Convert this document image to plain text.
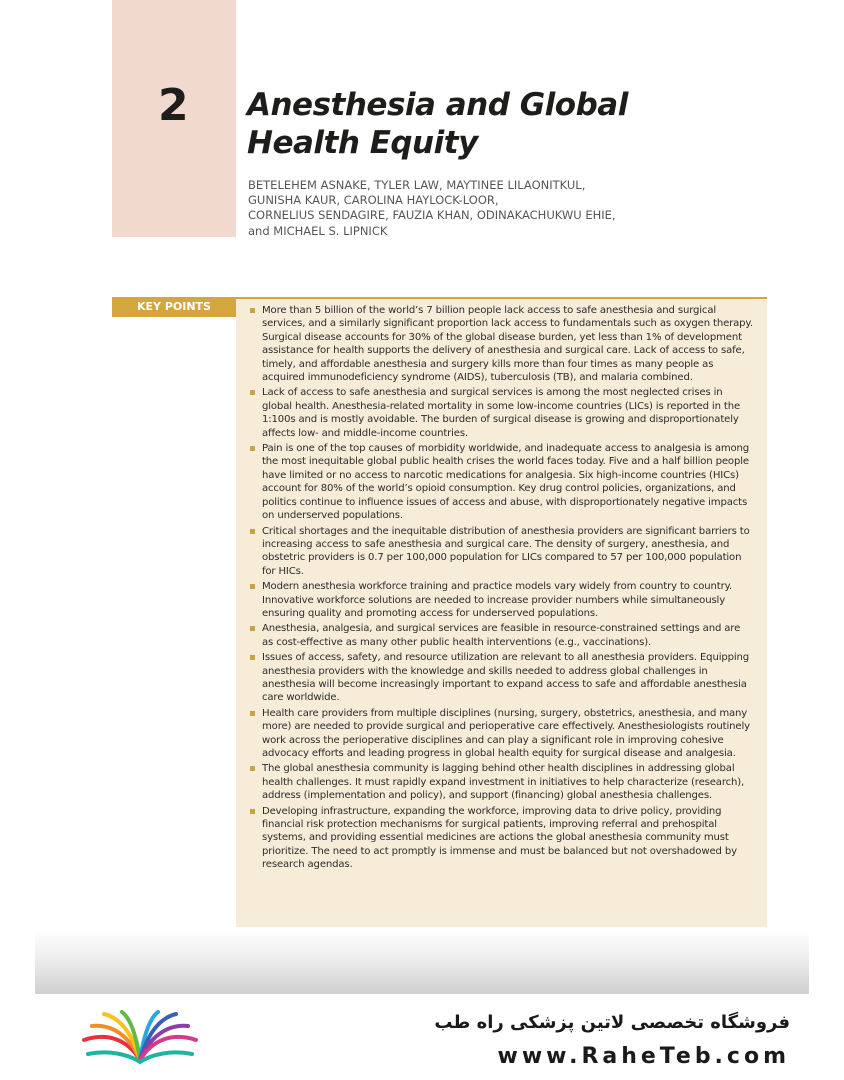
2 Anesthesia and Global
Health Equity
BETELEHEM ASNAKE, TYLER LAW, MAYTINEE LILAONITKUL,
GUNISHA KAUR, CAROLINA HAYLOCK-LOOR,
CORNELIUS SENDAGIRE, FAUZIA KHAN, ODINAKACHUKWU EHIE,
and MICHAEL S. LIPNICK
KEY POINTS	More than 5 billion of the world’s 7 billion people lack access to safe anesthesia and surgical services, and a similarly significant proportion lack access to fundamentals such as oxygen therapy. Surgical disease accounts for 30% of the global disease burden, yet less than 1% of development assistance for health supports the delivery of anesthesia and surgical care. Lack of access to safe, timely, and affordable anesthesia and surgery kills more than four times as many people as acquired immunodeficiency syndrome (AIDS), tuberculosis (TB), and malaria combined.
Lack of access to safe anesthesia and surgical services is among the most neglected crises in global health. Anesthesia-related mortality in some low-income countries (LICs) is reported in the 1:100s and is mostly avoidable. The burden of surgical disease is growing and disproportionately affects low- and middle-income countries.
Pain is one of the top causes of morbidity worldwide, and inadequate access to analgesia is among the most inequitable global public health crises the world faces today. Five and a half billion people have limited or no access to narcotic medications for analgesia. Six high-income countries (HICs) account for 80% of the world’s opioid consumption. Key drug control policies, organizations, and politics continue to influence issues of access and abuse, with disproportionately negative impacts on underserved populations.
Critical shortages and the inequitable distribution of anesthesia providers are significant barriers to increasing access to safe anesthesia and surgical care. The density of surgery, anesthesia, and obstetric providers is 0.7 per 100,000 population for LICs compared to 57 per 100,000 population for HICs.
Modern anesthesia workforce training and practice models vary widely from country to country. Innovative workforce solutions are needed to increase provider numbers while simultaneously ensuring quality and promoting access for underserved populations.
Anesthesia, analgesia, and surgical services are feasible in resource-constrained settings and are as cost-effective as many other public health interventions (e.g., vaccinations).
Issues of access, safety, and resource utilization are relevant to all anesthesia providers. Equipping anesthesia providers with the knowledge and skills needed to address global challenges in anesthesia will become increasingly important to expand access to safe and affordable anesthesia care worldwide.
Health care providers from multiple disciplines (nursing, surgery, obstetrics, anesthesia, and many more) are needed to provide surgical and perioperative care effectively. Anesthesiologists routinely work across the perioperative disciplines and can play a significant role in improving cohesive advocacy efforts and leading progress in global health equity for surgical disease and analgesia.
The global anesthesia community is lagging behind other health disciplines in addressing global health challenges. It must rapidly expand investment in initiatives to help characterize (research), address (implementation and policy), and support (financing) global anesthesia challenges.
Developing infrastructure, expanding the workforce, improving data to drive policy, providing financial risk protection mechanisms for surgical patients, improving referral and prehospital systems, and providing essential medicines are actions the global anesthesia community must prioritize. The need to act promptly is immense and must be balanced but not overshadowed by research agendas.
فروشگاه تخصصی لاتین پزشکی راه طب
www.RaheTeb.com
